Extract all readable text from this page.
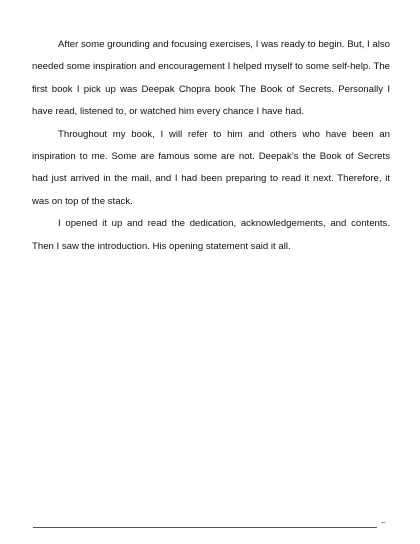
After some grounding and focusing exercises, I was ready to begin. But, I also needed some inspiration and encouragement I helped myself to some self-help. The first book I pick up was Deepak Chopra book The Book of Secrets. Personally I have read, listened to, or watched him every chance I have had.

Throughout my book, I will refer to him and others who have been an inspiration to me. Some are famous some are not. Deepak’s the Book of Secrets had just arrived in the mail, and I had been preparing to read it next. Therefore, it was on top of the stack.

I opened it up and read the dedication, acknowledgements, and contents. Then I saw the introduction. His opening statement said it all.

–
